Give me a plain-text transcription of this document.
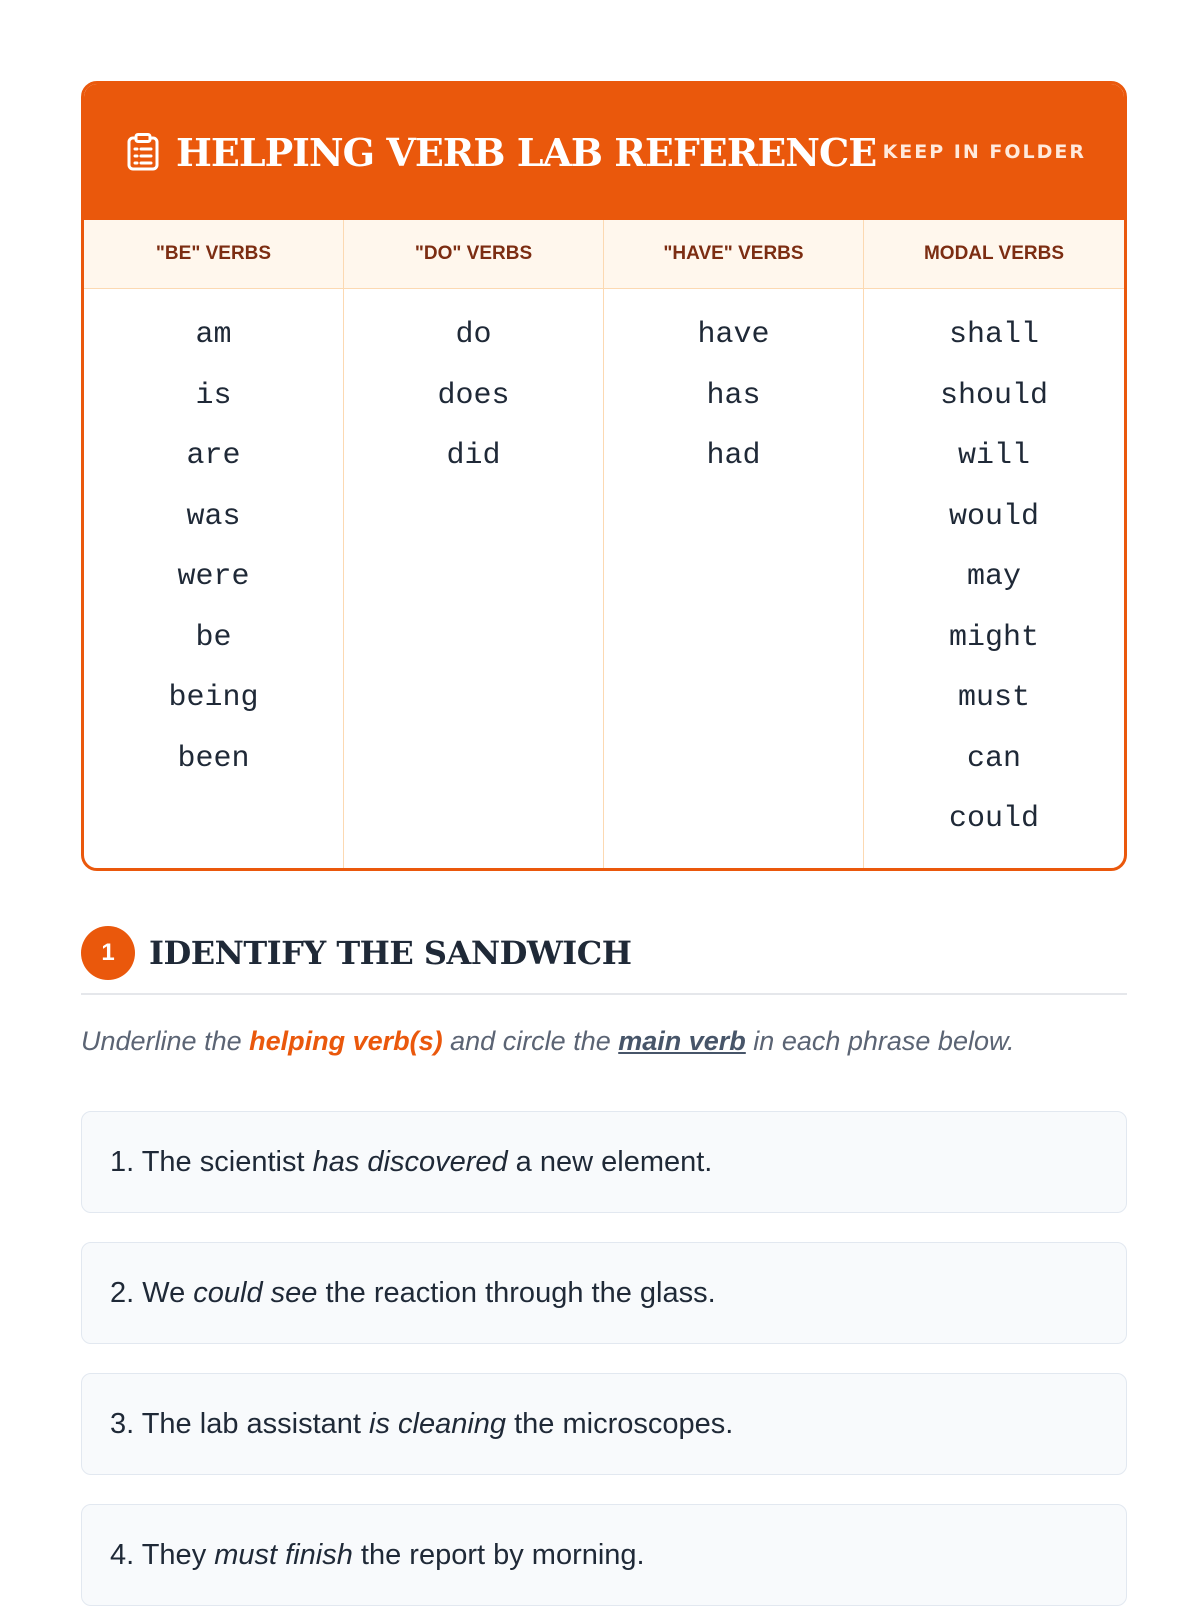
HELPING VERB LAB REFERENCE KEEP IN FOLDER
"BE" VERBS
am
is
are
was
were
be
being
been
"DO" VERBS
do
does
did
"HAVE" VERBS
have
has
had
MODAL VERBS
shall
should
will
would
may
might
must
can
could
1	IDENTIFY THE SANDWICH
Underline the helping verb(s) and circle the main verb in each phrase below.
1. The scientist has discovered a new element.
2. We could see the reaction through the glass.
3. The lab assistant is cleaning the microscopes.
4. They must finish the report by morning.
